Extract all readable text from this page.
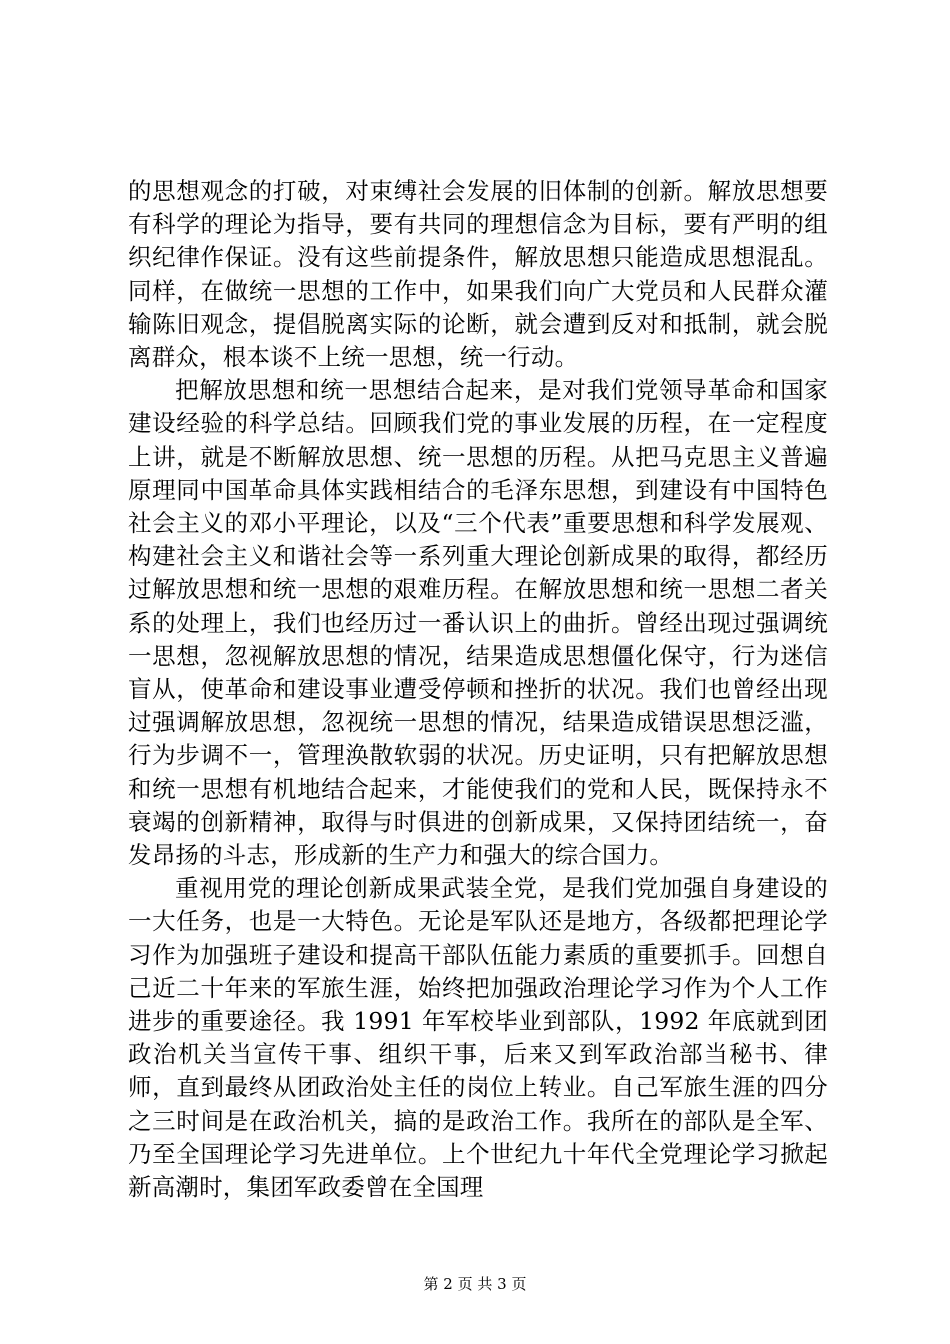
的思想观念的打破，对束缚社会发展的旧体制的创新。解放思想要有科学的理论为指导，要有共同的理想信念为目标，要有严明的组织纪律作保证。没有这些前提条件，解放思想只能造成思想混乱。同样，在做统一思想的工作中，如果我们向广大党员和人民群众灌输陈旧观念，提倡脱离实际的论断，就会遭到反对和抵制，就会脱离群众，根本谈不上统一思想，统一行动。

把解放思想和统一思想结合起来，是对我们党领导革命和国家建设经验的科学总结。回顾我们党的事业发展的历程，在一定程度上讲，就是不断解放思想、统一思想的历程。从把马克思主义普遍原理同中国革命具体实践相结合的毛泽东思想，到建设有中国特色社会主义的邓小平理论，以及“三个代表”重要思想和科学发展观、构建社会主义和谐社会等一系列重大理论创新成果的取得，都经历过解放思想和统一思想的艰难历程。在解放思想和统一思想二者关系的处理上，我们也经历过一番认识上的曲折。曾经出现过强调统一思想，忽视解放思想的情况，结果造成思想僵化保守，行为迷信盲从，使革命和建设事业遭受停顿和挫折的状况。我们也曾经出现过强调解放思想，忽视统一思想的情况，结果造成错误思想泛滥，行为步调不一，管理涣散软弱的状况。历史证明，只有把解放思想和统一思想有机地结合起来，才能使我们的党和人民，既保持永不衰竭的创新精神，取得与时俱进的创新成果，又保持团结统一，奋发昂扬的斗志，形成新的生产力和强大的综合国力。

重视用党的理论创新成果武装全党，是我们党加强自身建设的一大任务，也是一大特色。无论是军队还是地方，各级都把理论学习作为加强班子建设和提高干部队伍能力素质的重要抓手。回想自己近二十年来的军旅生涯，始终把加强政治理论学习作为个人工作进步的重要途径。我 1991 年军校毕业到部队，1992 年底就到团政治机关当宣传干事、组织干事，后来又到军政治部当秘书、律师，直到最终从团政治处主任的岗位上转业。自己军旅生涯的四分之三时间是在政治机关，搞的是政治工作。我所在的部队是全军、乃至全国理论学习先进单位。上个世纪九十年代全党理论学习掀起新高潮时，集团军政委曾在全国理

第 2 页 共 3 页
